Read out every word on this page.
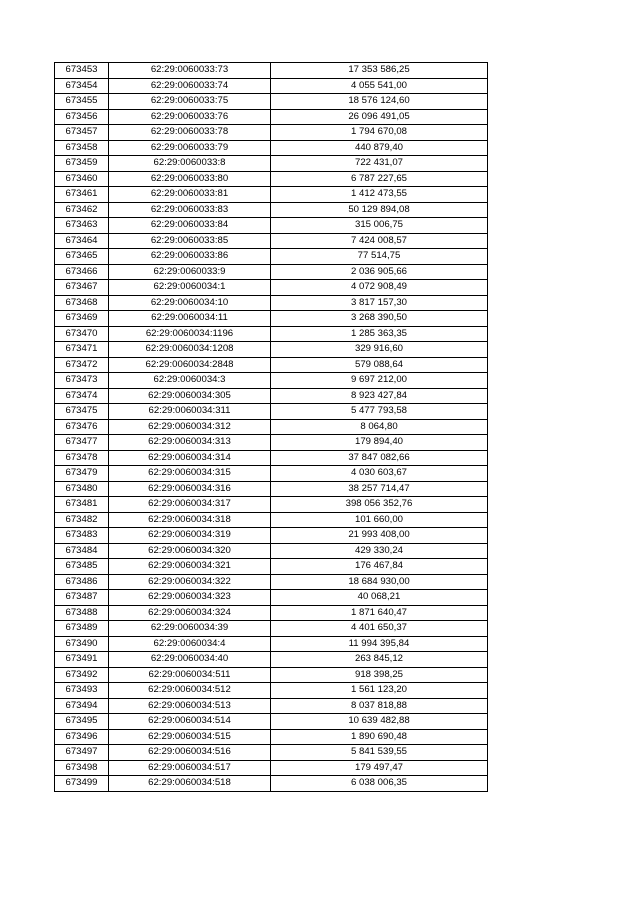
673453	62:29:0060033:73	17 353 586,25
673454	62:29:0060033:74	4 055 541,00
673455	62:29:0060033:75	18 576 124,60
673456	62:29:0060033:76	26 096 491,05
673457	62:29:0060033:78	1 794 670,08
673458	62:29:0060033:79	440 879,40
673459	62:29:0060033:8	722 431,07
673460	62:29:0060033:80	6 787 227,65
673461	62:29:0060033:81	1 412 473,55
673462	62:29:0060033:83	50 129 894,08
673463	62:29:0060033:84	315 006,75
673464	62:29:0060033:85	7 424 008,57
673465	62:29:0060033:86	77 514,75
673466	62:29:0060033:9	2 036 905,66
673467	62:29:0060034:1	4 072 908,49
673468	62:29:0060034:10	3 817 157,30
673469	62:29:0060034:11	3 268 390,50
673470	62:29:0060034:1196	1 285 363,35
673471	62:29:0060034:1208	329 916,60
673472	62:29:0060034:2848	579 088,64
673473	62:29:0060034:3	9 697 212,00
673474	62:29:0060034:305	8 923 427,84
673475	62:29:0060034:311	5 477 793,58
673476	62:29:0060034:312	8 064,80
673477	62:29:0060034:313	179 894,40
673478	62:29:0060034:314	37 847 082,66
673479	62:29:0060034:315	4 030 603,67
673480	62:29:0060034:316	38 257 714,47
673481	62:29:0060034:317	398 056 352,76
673482	62:29:0060034:318	101 660,00
673483	62:29:0060034:319	21 993 408,00
673484	62:29:0060034:320	429 330,24
673485	62:29:0060034:321	176 467,84
673486	62:29:0060034:322	18 684 930,00
673487	62:29:0060034:323	40 068,21
673488	62:29:0060034:324	1 871 640,47
673489	62:29:0060034:39	4 401 650,37
673490	62:29:0060034:4	11 994 395,84
673491	62:29:0060034:40	263 845,12
673492	62:29:0060034:511	918 398,25
673493	62:29:0060034:512	1 561 123,20
673494	62:29:0060034:513	8 037 818,88
673495	62:29:0060034:514	10 639 482,88
673496	62:29:0060034:515	1 890 690,48
673497	62:29:0060034:516	5 841 539,55
673498	62:29:0060034:517	179 497,47
673499	62:29:0060034:518	6 038 006,35
